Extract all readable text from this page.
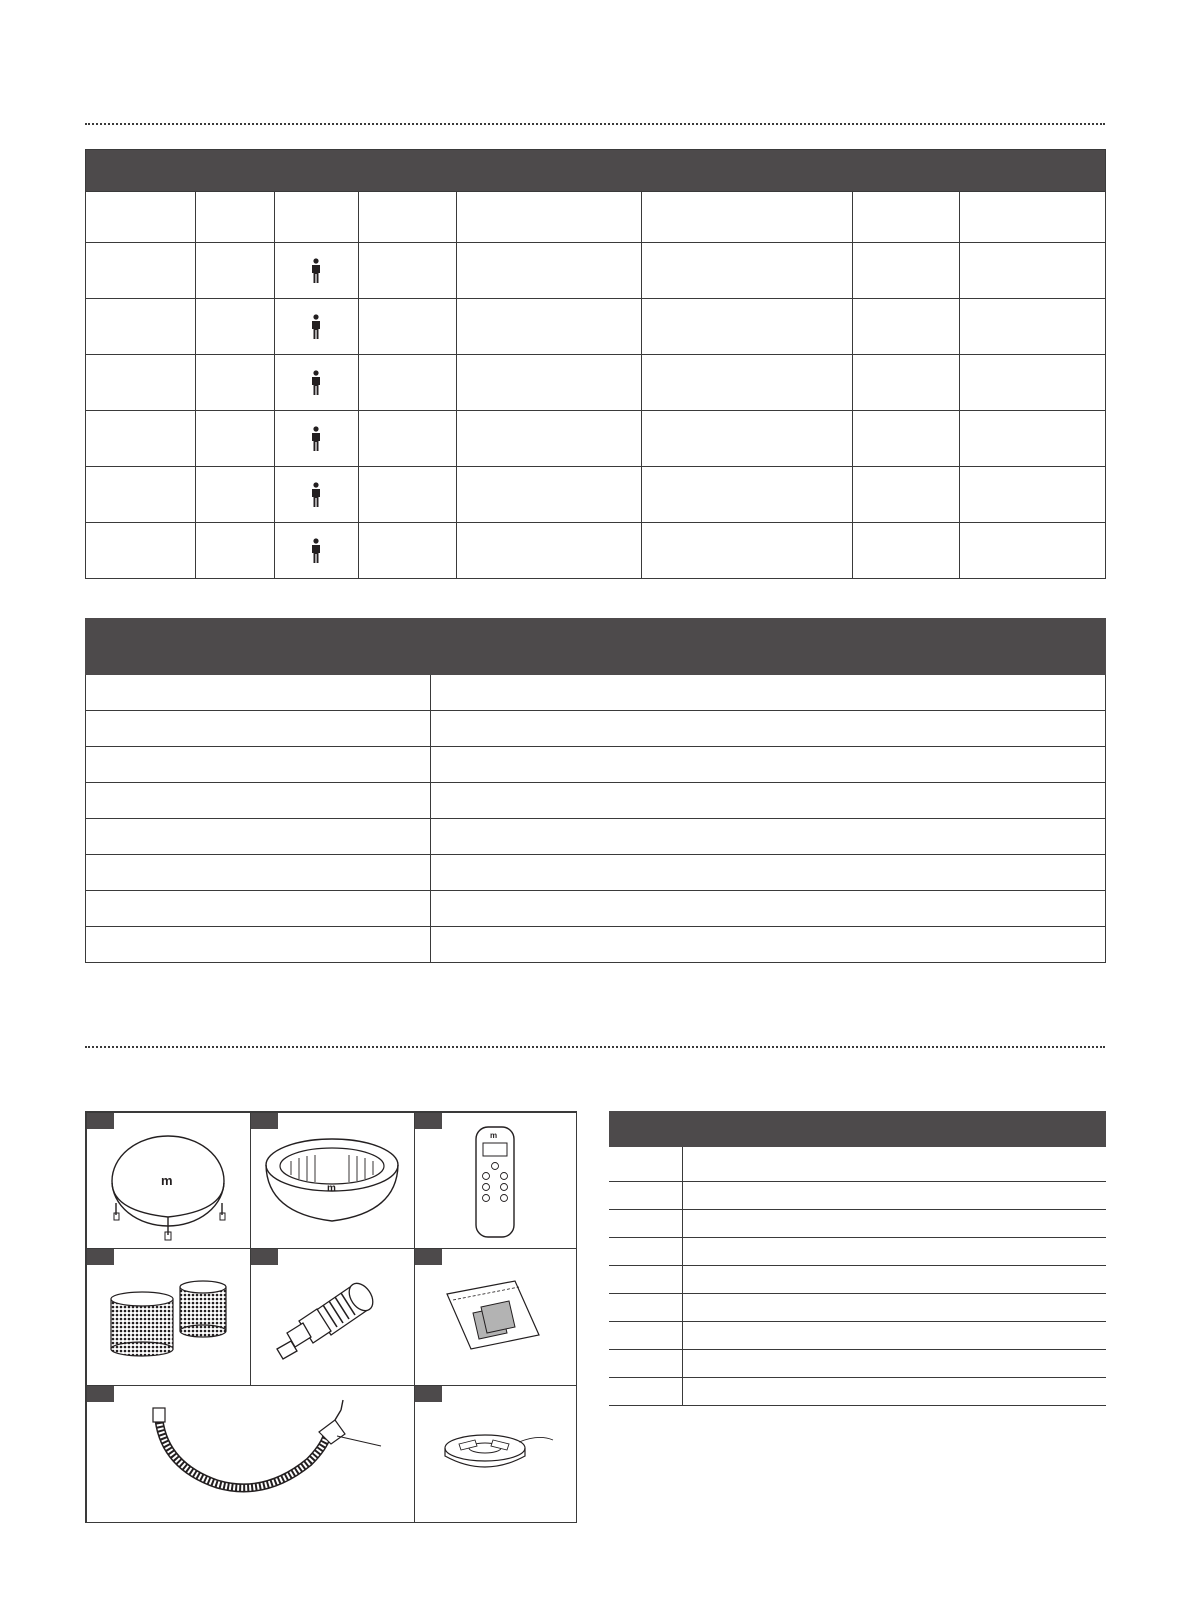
m
m
m
